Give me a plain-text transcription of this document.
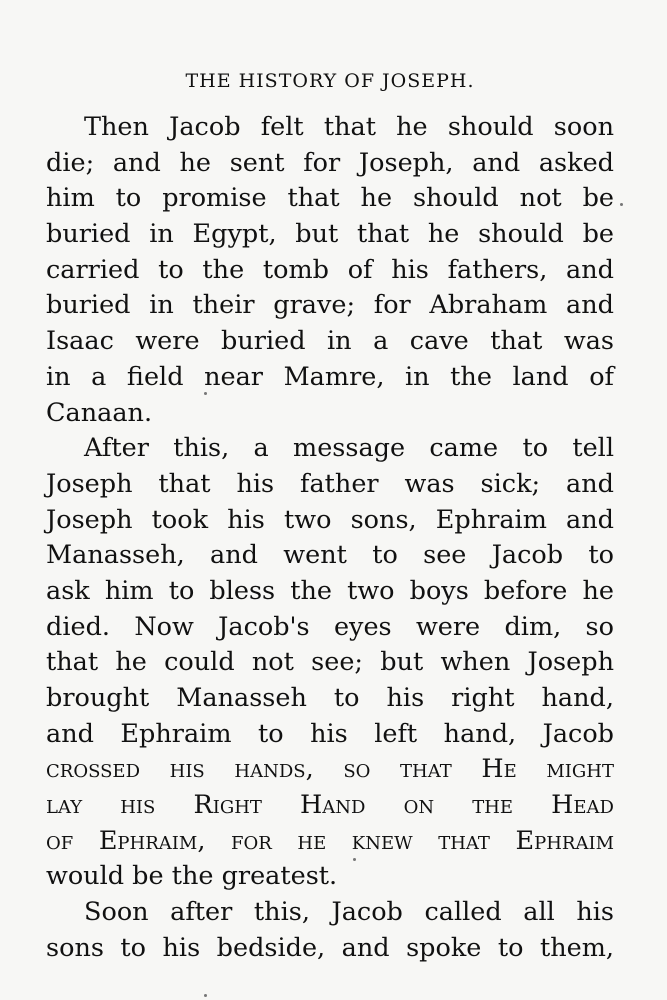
THE HISTORY OF JOSEPH.
Then Jacob felt that he should soon
die; and he sent for Joseph, and asked
him to promise that he should not be
buried in Egypt, but that he should be
carried to the tomb of his fathers, and
buried in their grave; for Abraham and
Isaac were buried in a cave that was
in a field near Mamre, in the land of
Canaan.
After this, a message came to tell
Joseph that his father was sick; and
Joseph took his two sons, Ephraim and
Manasseh, and went to see Jacob to
ask him to bless the two boys before he
died. Now Jacob's eyes were dim, so
that he could not see; but when Joseph
brought Manasseh to his right hand,
and Ephraim to his left hand, Jacob
crossed his hands, so that He might
lay his Right Hand on the Head
of Ephraim, for he knew that Ephraim
would be the greatest.
Soon after this, Jacob called all his
sons to his bedside, and spoke to them,
